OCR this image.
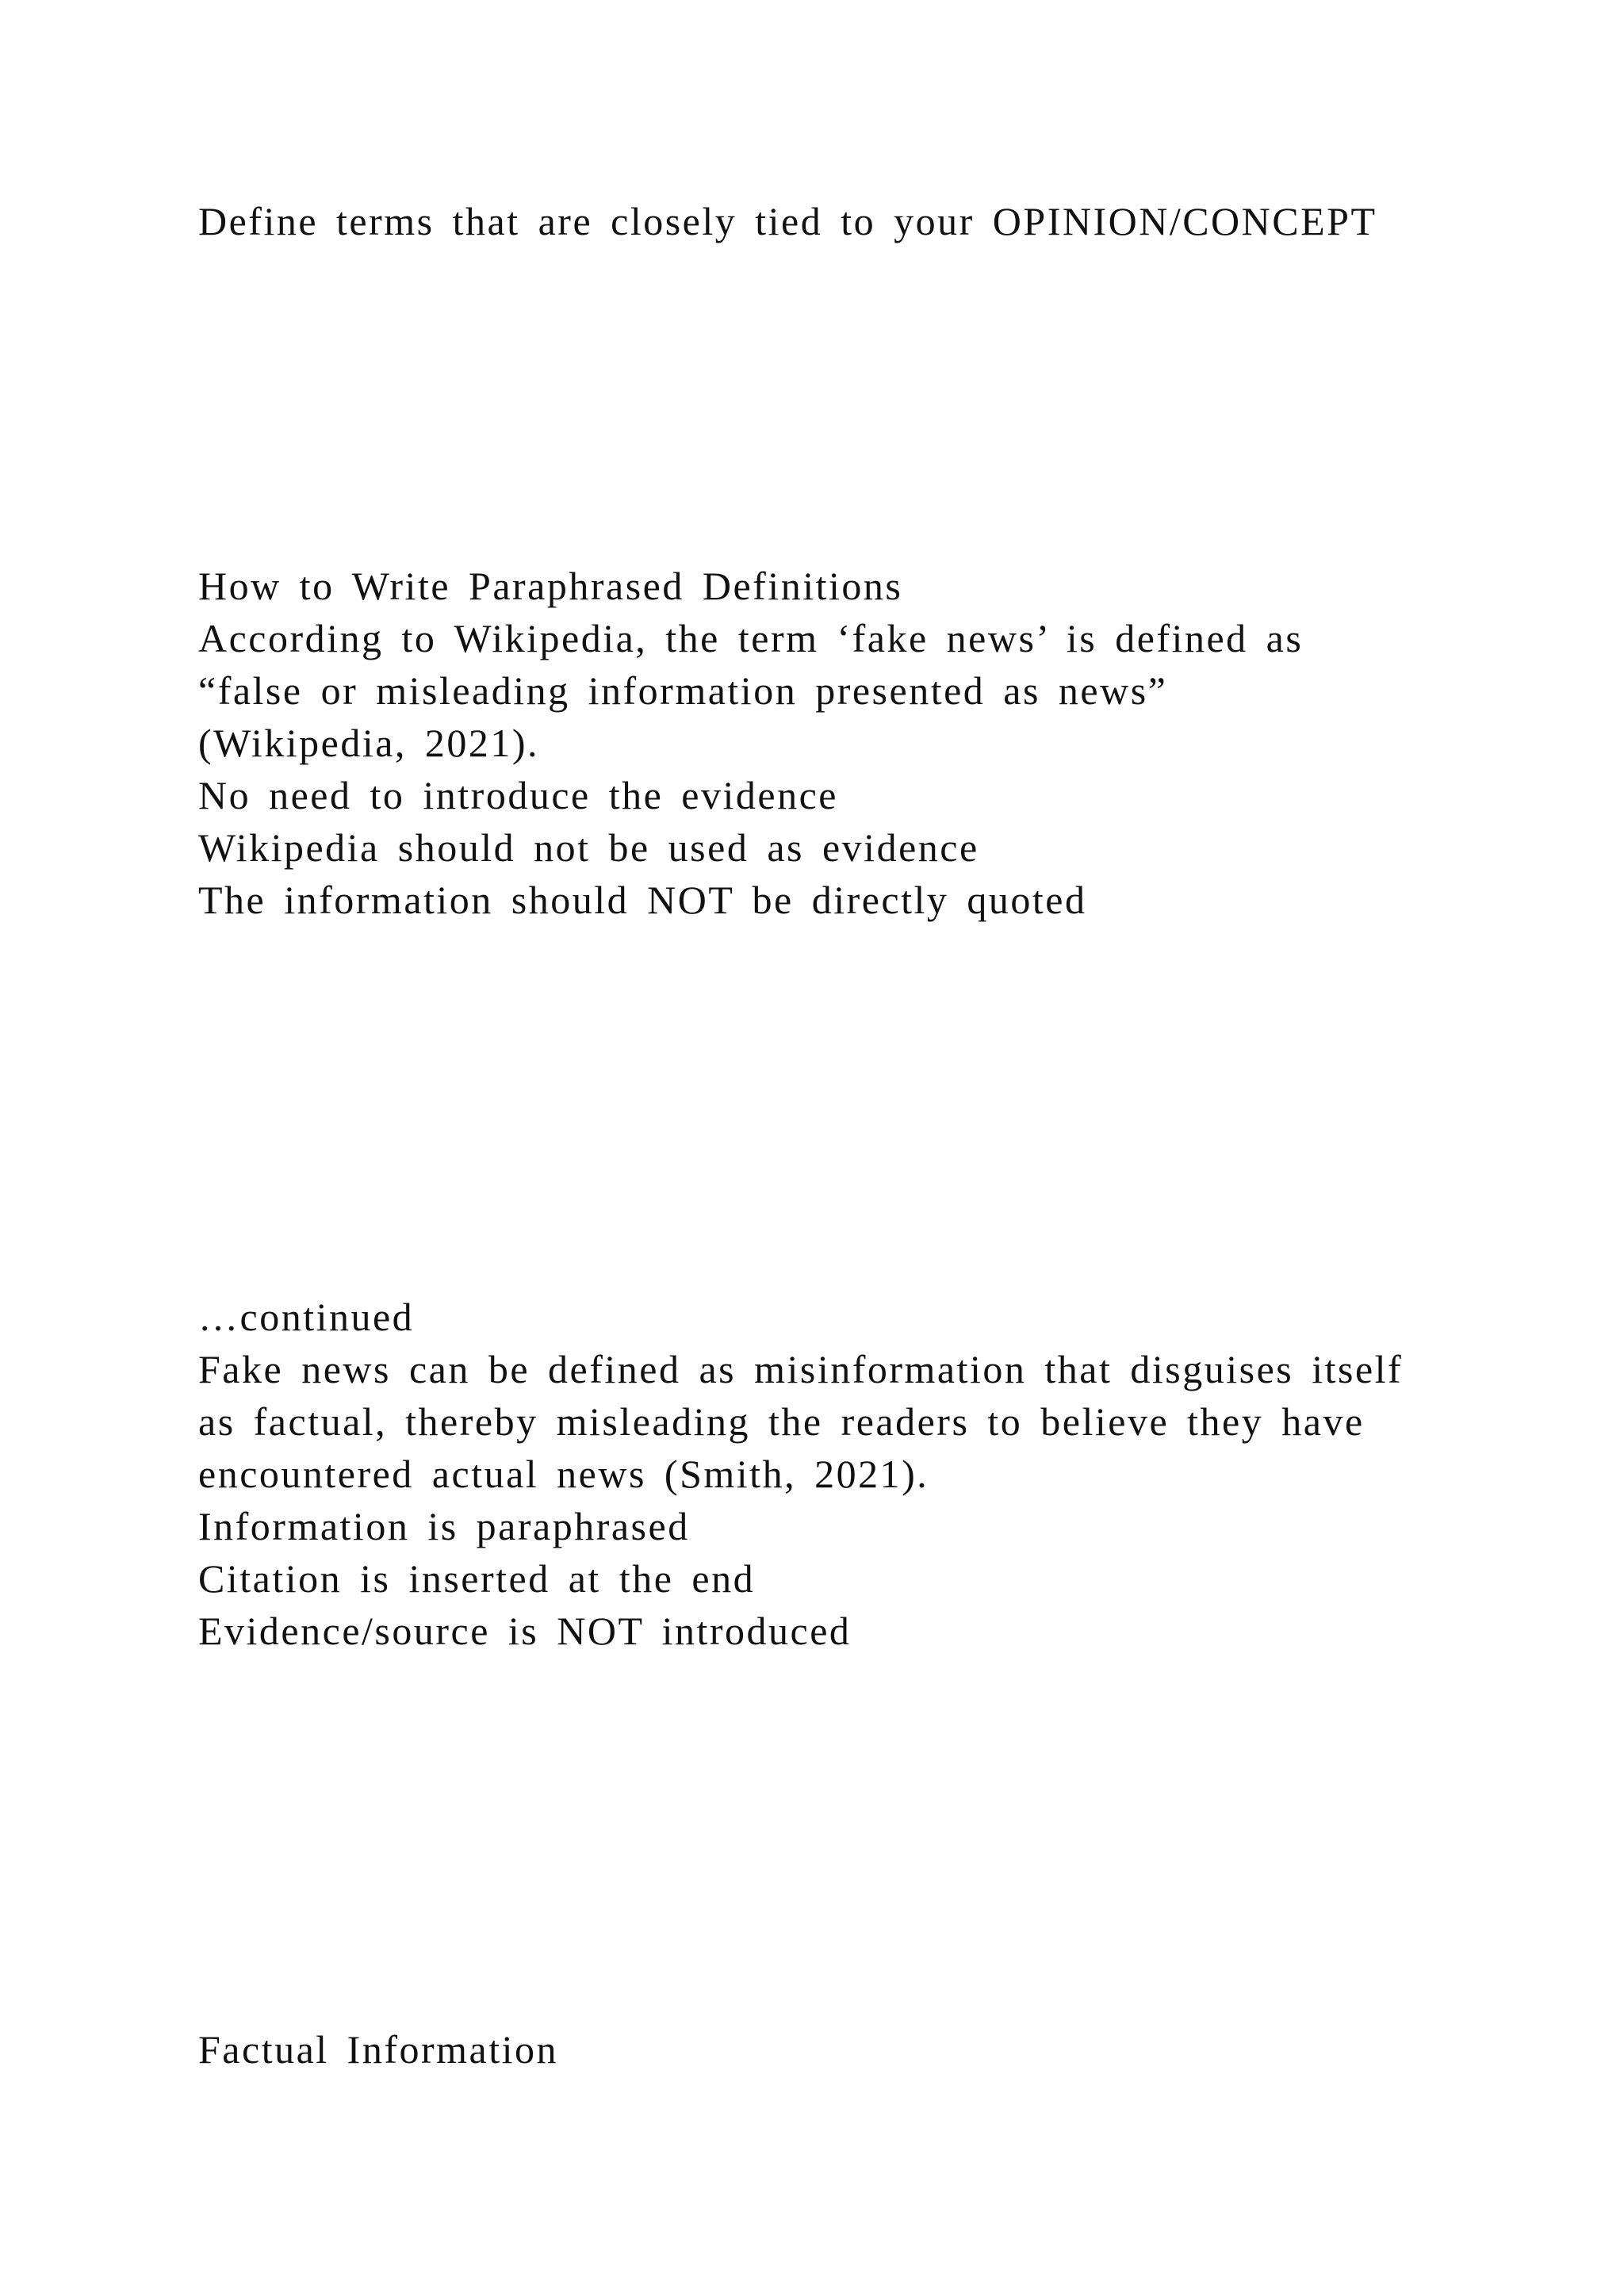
Define terms that are closely tied to your OPINION/CONCEPT

How to Write Paraphrased Definitions

According to Wikipedia, the term ‘fake news’ is defined as

“false or misleading information presented as news”

(Wikipedia, 2021).

No need to introduce the evidence

Wikipedia should not be used as evidence

The information should NOT be directly quoted

…continued

Fake news can be defined as misinformation that disguises itself

as factual, thereby misleading the readers to believe they have

encountered actual news (Smith, 2021).

Information is paraphrased

Citation is inserted at the end

Evidence/source is NOT introduced

Factual Information
